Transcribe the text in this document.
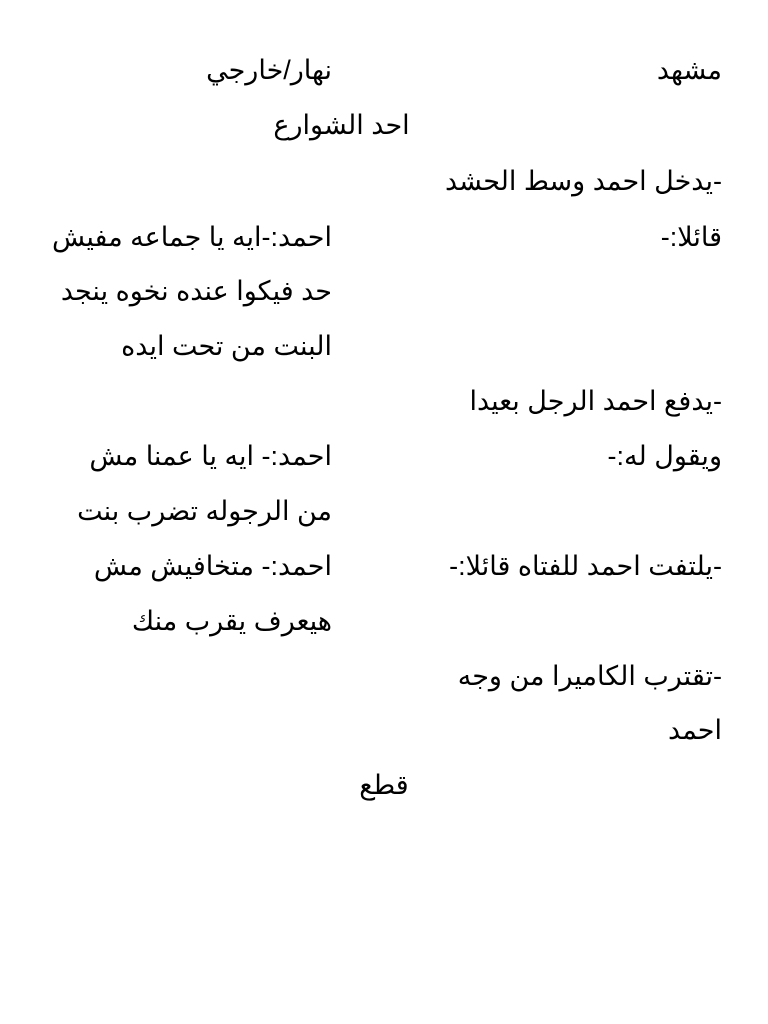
مشهد
نهار/خارجي
احد الشوارع
-يدخل احمد وسط الحشد
قائلا:-
احمد:-ايه يا جماعه مفيش
حد فيكوا عنده نخوه ينجد
البنت من تحت ايده
-يدفع احمد الرجل بعيدا
ويقول له:-
احمد:- ايه يا عمنا مش
من الرجوله تضرب بنت
-يلتفت احمد للفتاه قائلا:-
احمد:- متخافيش مش
هيعرف يقرب منك
-تقترب الكاميرا من وجه
احمد
قطع
